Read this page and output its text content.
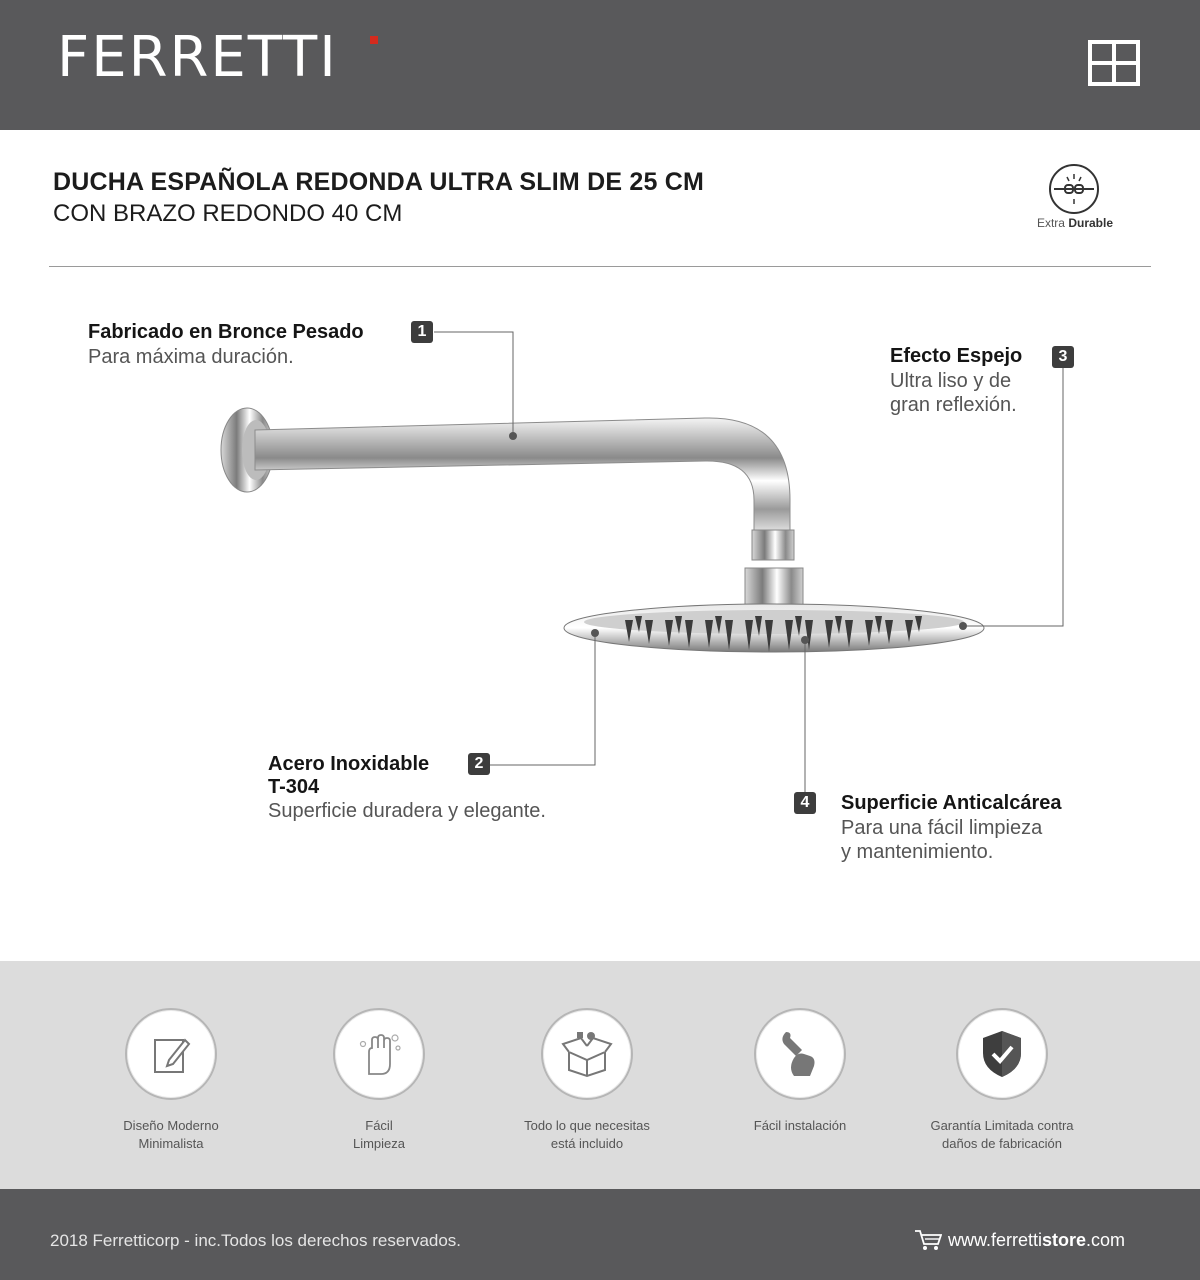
FERRETTI
DUCHA ESPAÑOLA REDONDA ULTRA SLIM DE 25 CM
CON BRAZO REDONDO 40 CM	Extra Durable
Fabricado en Bronce Pesado	1
Para máxima duración.	Efecto Espejo	3
Ultra liso y de
gran reflexión.
Acero Inoxidable	2
T-304
Superficie duradera y elegante.	4	Superficie Anticalcárea
Para una fácil limpieza
y mantenimiento.
Diseño Moderno
Minimalista
Fácil
Limpieza
Todo lo que necesitas
está incluido
Fácil instalación	Garantía Limitada contra
daños de fabricación
2018 Ferretticorp - inc.Todos los derechos reservados.	www.ferretti store .com
